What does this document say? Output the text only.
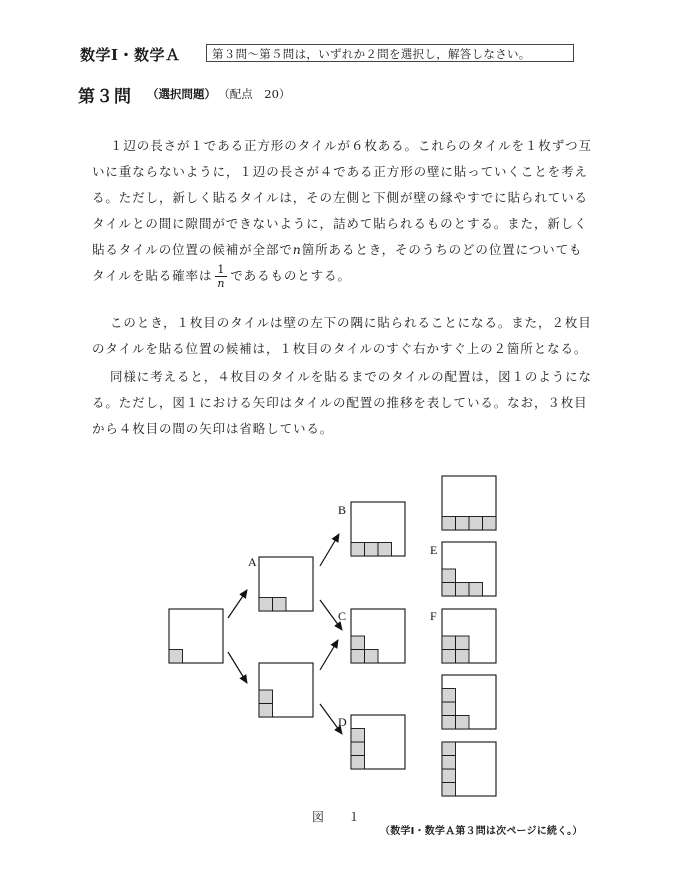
数学Ⅰ・数学Ａ	第３問～第５問は，いずれか２問を選択し，解答しなさい。
第３問 （選択問題） （配点　20）
１辺の長さが１である正方形のタイルが６枚ある。これらのタイルを１枚ずつ互いに重ならないように，１辺の長さが４である正方形の壁に貼っていくことを考える。ただし，新しく貼るタイルは，その左側と下側が壁の縁やすでに貼られているタイルとの間に隙間ができないように，詰めて貼られるものとする。また，新しく貼るタイルの位置の候補が全部でn箇所あるとき，そのうちのどの位置についてもタイルを貼る確率は $\frac{1}{n}$ であるものとする。
このとき，１枚目のタイルは壁の左下の隅に貼られることになる。また，２枚目のタイルを貼る位置の候補は，１枚目のタイルのすぐ右かすぐ上の２箇所となる。
同様に考えると，４枚目のタイルを貼るまでのタイルの配置は，図１のようになる。ただし，図１における矢印はタイルの配置の推移を表している。なお，３枚目から４枚目の間の矢印は省略している。
B
A
E
C	F
D
図　１
（数学Ⅰ・数学Ａ第３問は次ページに続く。）
